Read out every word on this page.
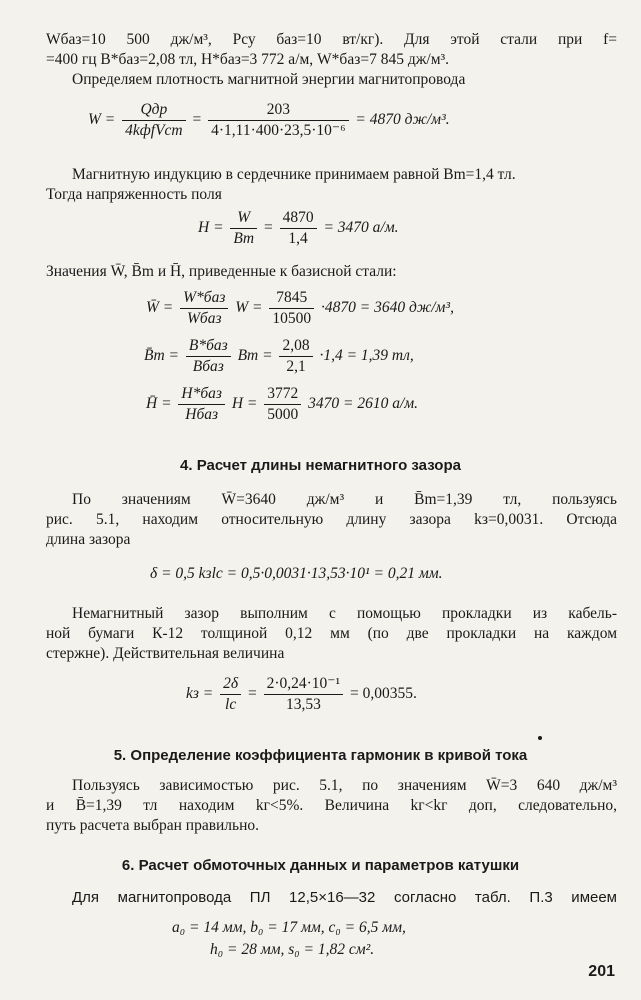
Wбаз=10 500 дж/м³, Pсу баз=10 вт/кг). Для этой стали при f=
=400 гц B*баз=2,08 тл, H*баз=3 772 а/м, W*баз=7 845 дж/м³.
Определяем плотность магнитной энергии магнитопровода
$W = \frac{\text{Qдр}}{\text{4kфfVст}} = \frac{203}{\text{4·1,11·400·23,5·10⁻⁶}} = 4870$ дж/м³.
Магнитную индукцию в сердечнике принимаем равной Bm=1,4 тл.
Тогда напряженность поля
$H = \frac{W}{Bm} = \frac{4870}{1,4} = 3470$ а/м.
Значения W̄, B̄m и H̄, приведенные к базисной стали:
W̄ = $\frac{\text{W*баз}}{\text{Wбаз}}$ $W = \frac{7845}{10500} \cdot 4870 = 3640$ дж/м³,
B̄m = $\frac{\text{B*баз}}{\text{Bбаз}}$ $Bm = \frac{2,08}{2,1} \cdot 1,4 = 1,39$ тл,
H̄ = $\frac{\text{H*баз}}{\text{Hбаз}}$ $H = \frac{3772}{5000} 3470 = 2610$ а/м.
4. Расчет длины немагнитного зазора
По значениям W̄=3640 дж/м³ и B̄m=1,39 тл, пользуясь
рис. 5.1, находим относительную длину зазора kз=0,0031. Отсюда
длина зазора
δ = 0,5 kзlс = 0,5·0,0031·13,53·10¹ = 0,21 мм.
Немагнитный зазор выполним с помощью прокладки из кабель-
ной бумаги К-12 толщиной 0,12 мм (по две прокладки на каждом
стержне). Действительная величина
kз = $\frac{2\delta}{lс} = \frac{\text{2·0,24·10⁻¹}}{13,53} = 0,00355$.
5. Определение коэффициента гармоник в кривой тока
Пользуясь зависимостью рис. 5.1, по значениям W̄=3 640 дж/м³
и B̄=1,39 тл находим kг<5%. Величина kг<kг доп, следовательно,
путь расчета выбран правильно.
6. Расчет обмоточных данных и параметров катушки
Для магнитопровода ПЛ 12,5×16—32 согласно табл. П.3 имеем
a₀ = 14 мм, b₀ = 17 мм, c₀ = 6,5 мм,
h₀ = 28 мм, s₀ = 1,82 см².
201
